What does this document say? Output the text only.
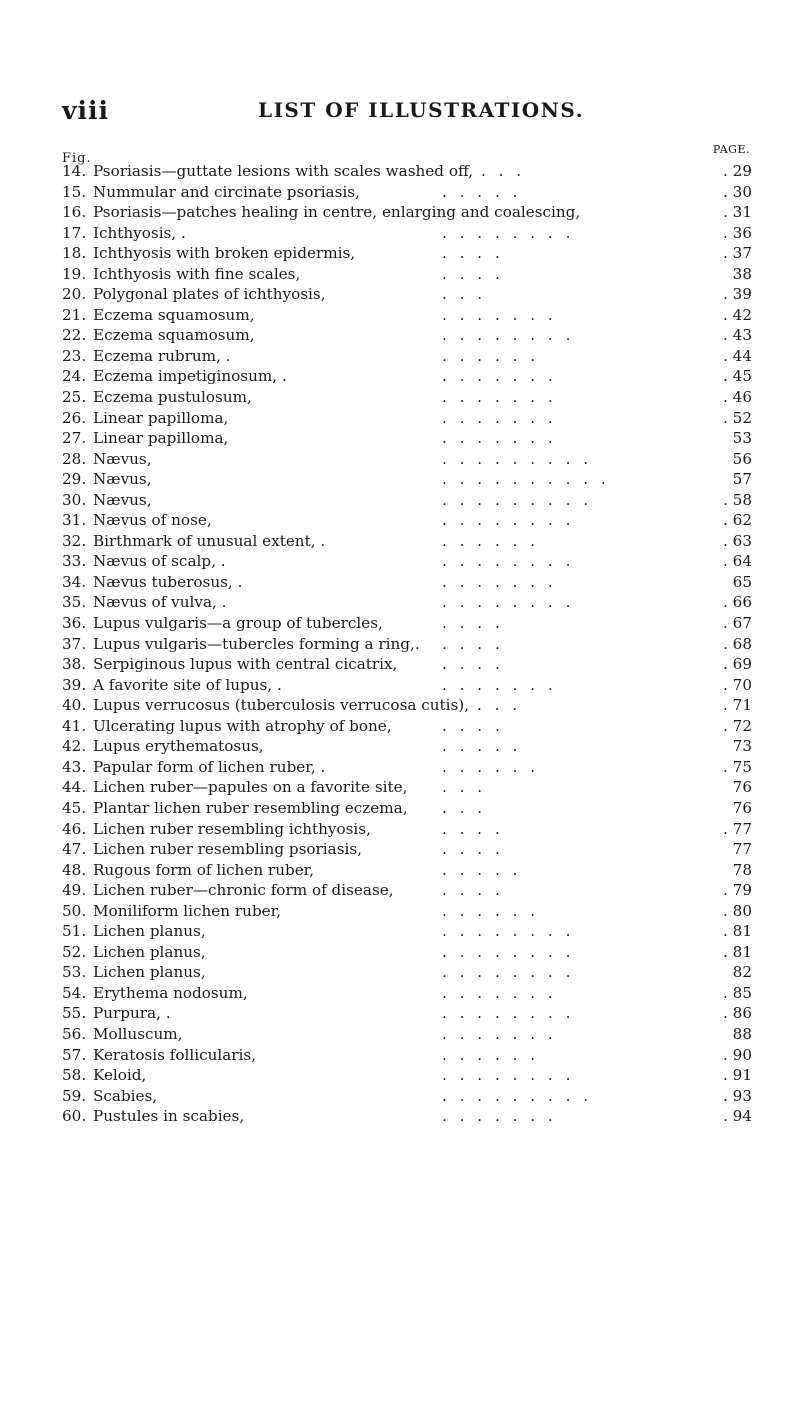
viii	LIST OF ILLUSTRATIONS.
Fig.
PAGE.
14. Psoriasis—guttate lesions with scales washed off, . . .	. 29
15. Nummular and circinate psoriasis,	. . . . .	. 30
16. Psoriasis—patches healing in centre, enlarging and coalescing,	. 31
17. Ichthyosis, .	. . . . . . . .	. 36
18. Ichthyosis with broken epidermis,	. . . .	. 37
19. Ichthyosis with fine scales,	. . . .	38
20. Polygonal plates of ichthyosis,	. . .	. 39
21. Eczema squamosum,	. . . . . . .	. 42
22. Eczema squamosum,	. . . . . . . .	. 43
23. Eczema rubrum, .	. . . . . .	. 44
24. Eczema impetiginosum, .	. . . . . . .	. 45
25. Eczema pustulosum,	. . . . . . .	. 46
26. Linear papilloma,	. . . . . . .	. 52
27. Linear papilloma,	. . . . . . .	53
28. Nævus,	. . . . . . . . .	56
29. Nævus,	. . . . . . . . . .	57
30. Nævus,	. . . . . . . . .	. 58
31. Nævus of nose,	. . . . . . . .	. 62
32. Birthmark of unusual extent, .	. . . . . .	. 63
33. Nævus of scalp, .	. . . . . . . .	. 64
34. Nævus tuberosus, .	. . . . . . .	65
35. Nævus of vulva, .	. . . . . . . .	. 66
36. Lupus vulgaris—a group of tubercles,	. . . .	. 67
37. Lupus vulgaris—tubercles forming a ring,. . . . .	. 68
38. Serpiginous lupus with central cicatrix,	. . . .	. 69
39. A favorite site of lupus, .	. . . . . . .	. 70
40. Lupus verrucosus (tuberculosis verrucosa cutis), . . .	. 71
41. Ulcerating lupus with atrophy of bone,	. . . .	. 72
42. Lupus erythematosus,	. . . . .	73
43. Papular form of lichen ruber, .	. . . . . .	. 75
44. Lichen ruber—papules on a favorite site, . . .	76
45. Plantar lichen ruber resembling eczema, . . .	76
46. Lichen ruber resembling ichthyosis,	. . . .	. 77
47. Lichen ruber resembling psoriasis,	. . . .	77
48. Rugous form of lichen ruber,	. . . . .	78
49. Lichen ruber—chronic form of disease,	. . . .	. 79
50. Moniliform lichen ruber,	. . . . . .	. 80
51. Lichen planus,	. . . . . . . .	. 81
52. Lichen planus,	. . . . . . . .	. 81
53. Lichen planus,	. . . . . . . .	82
54. Erythema nodosum,	. . . . . . .	. 85
55. Purpura, .	. . . . . . . .	. 86
56. Molluscum,	. . . . . . .	88
57. Keratosis follicularis,	. . . . . .	. 90
58. Keloid,	. . . . . . . .	. 91
59. Scabies,	. . . . . . . . .	. 93
60. Pustules in scabies,	. . . . . . .	. 94
